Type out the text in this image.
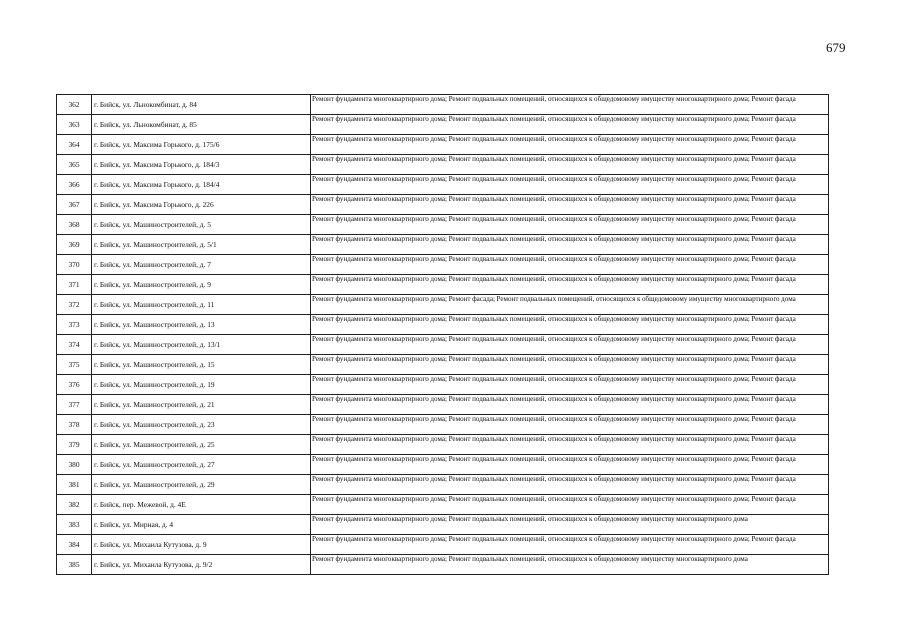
679
362	г. Бийск, ул. Льнокомбинат, д. 84	Ремонт фундамента многоквартирного дома; Ремонт подвальных помещений, относящихся к общедомовому имуществу многоквартирного дома; Ремонт фасада
363	г. Бийск, ул. Льнокомбинат, д. 85	Ремонт фундамента многоквартирного дома; Ремонт подвальных помещений, относящихся к общедомовому имуществу многоквартирного дома; Ремонт фасада
364	г. Бийск, ул. Максима Горького, д. 175/6	Ремонт фундамента многоквартирного дома; Ремонт подвальных помещений, относящихся к общедомовому имуществу многоквартирного дома; Ремонт фасада
365	г. Бийск, ул. Максима Горького, д. 184/3	Ремонт фундамента многоквартирного дома; Ремонт подвальных помещений, относящихся к общедомовому имуществу многоквартирного дома; Ремонт фасада
366	г. Бийск, ул. Максима Горького, д. 184/4	Ремонт фундамента многоквартирного дома; Ремонт подвальных помещений, относящихся к общедомовому имуществу многоквартирного дома; Ремонт фасада
367	г. Бийск, ул. Максима Горького, д. 226	Ремонт фундамента многоквартирного дома; Ремонт подвальных помещений, относящихся к общедомовому имуществу многоквартирного дома; Ремонт фасада
368	г. Бийск, ул. Машиностроителей, д. 5	Ремонт фундамента многоквартирного дома; Ремонт подвальных помещений, относящихся к общедомовому имуществу многоквартирного дома; Ремонт фасада
369	г. Бийск, ул. Машиностроителей, д. 5/1	Ремонт фундамента многоквартирного дома; Ремонт подвальных помещений, относящихся к общедомовому имуществу многоквартирного дома; Ремонт фасада
370	г. Бийск, ул. Машиностроителей, д. 7	Ремонт фундамента многоквартирного дома; Ремонт подвальных помещений, относящихся к общедомовому имуществу многоквартирного дома; Ремонт фасада
371	г. Бийск, ул. Машиностроителей, д. 9	Ремонт фундамента многоквартирного дома; Ремонт подвальных помещений, относящихся к общедомовому имуществу многоквартирного дома; Ремонт фасада
372	г. Бийск, ул. Машиностроителей, д. 11	Ремонт фундамента многоквартирного дома; Ремонт фасада; Ремонт подвальных помещений, относящихся к общедомовому имуществу многоквартирного дома
373	г. Бийск, ул. Машиностроителей, д. 13	Ремонт фундамента многоквартирного дома; Ремонт подвальных помещений, относящихся к общедомовому имуществу многоквартирного дома; Ремонт фасада
374	г. Бийск, ул. Машиностроителей, д. 13/1	Ремонт фундамента многоквартирного дома; Ремонт подвальных помещений, относящихся к общедомовому имуществу многоквартирного дома; Ремонт фасада
375	г. Бийск, ул. Машиностроителей, д. 15	Ремонт фундамента многоквартирного дома; Ремонт подвальных помещений, относящихся к общедомовому имуществу многоквартирного дома; Ремонт фасада
376	г. Бийск, ул. Машиностроителей, д. 19	Ремонт фундамента многоквартирного дома; Ремонт подвальных помещений, относящихся к общедомовому имуществу многоквартирного дома; Ремонт фасада
377	г. Бийск, ул. Машиностроителей, д. 21	Ремонт фундамента многоквартирного дома; Ремонт подвальных помещений, относящихся к общедомовому имуществу многоквартирного дома; Ремонт фасада
378	г. Бийск, ул. Машиностроителей, д. 23	Ремонт фундамента многоквартирного дома; Ремонт подвальных помещений, относящихся к общедомовому имуществу многоквартирного дома; Ремонт фасада
379	г. Бийск, ул. Машиностроителей, д. 25	Ремонт фундамента многоквартирного дома; Ремонт подвальных помещений, относящихся к общедомовому имуществу многоквартирного дома; Ремонт фасада
380	г. Бийск, ул. Машиностроителей, д. 27	Ремонт фундамента многоквартирного дома; Ремонт подвальных помещений, относящихся к общедомовому имуществу многоквартирного дома; Ремонт фасада
381	г. Бийск, ул. Машиностроителей, д. 29	Ремонт фундамента многоквартирного дома; Ремонт подвальных помещений, относящихся к общедомовому имуществу многоквартирного дома; Ремонт фасада
382	г. Бийск, пер. Межевой, д. 4Е	Ремонт фундамента многоквартирного дома; Ремонт подвальных помещений, относящихся к общедомовому имуществу многоквартирного дома; Ремонт фасада
383	г. Бийск, ул. Мирная, д. 4	Ремонт фундамента многоквартирного дома; Ремонт подвальных помещений, относящихся к общедомовому имуществу многоквартирного дома
384	г. Бийск, ул. Михаила Кутузова, д. 9	Ремонт фундамента многоквартирного дома; Ремонт подвальных помещений, относящихся к общедомовому имуществу многоквартирного дома; Ремонт фасада
385	г. Бийск, ул. Михаила Кутузова, д. 9/2	Ремонт фундамента многоквартирного дома; Ремонт подвальных помещений, относящихся к общедомовому имуществу многоквартирного дома
